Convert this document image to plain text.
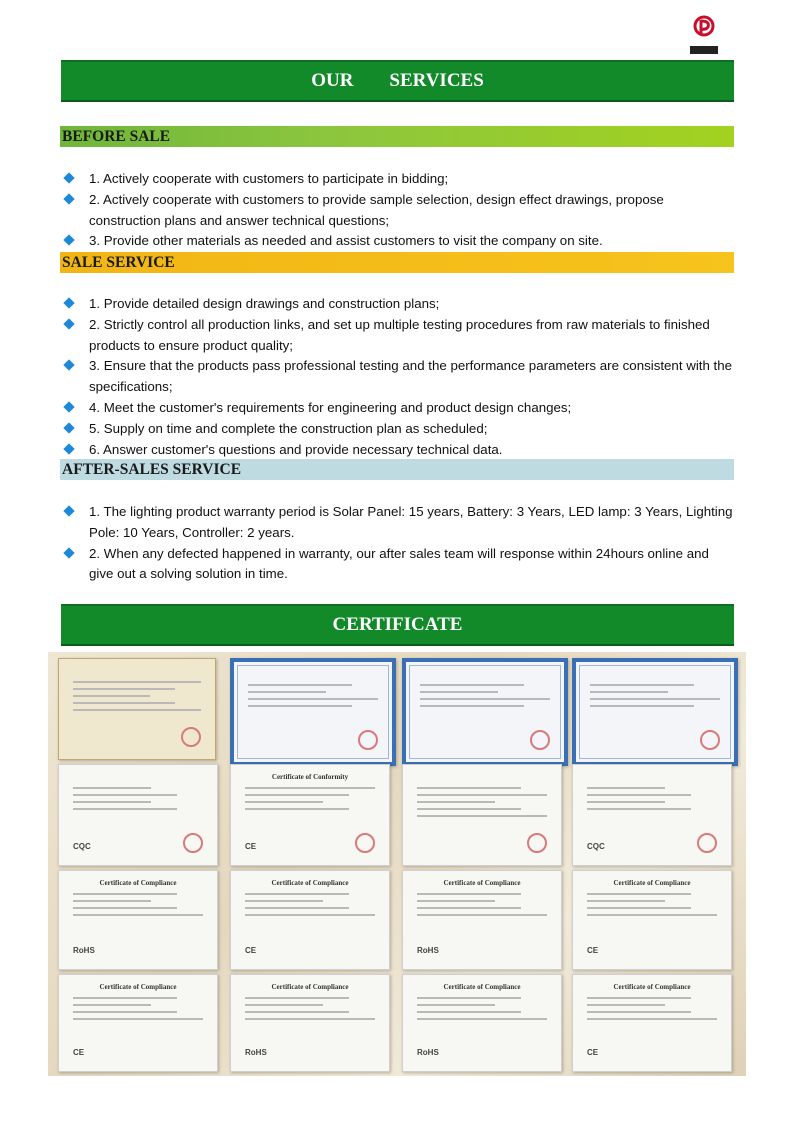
OUR SERVICES
BEFORE SALE
1. Actively cooperate with customers to participate in bidding;
2. Actively cooperate with customers to provide sample selection, design effect drawings, propose construction plans and answer technical questions;
3. Provide other materials as needed and assist customers to visit the company on site.
SALE SERVICE
1. Provide detailed design drawings and construction plans;
2. Strictly control all production links, and set up multiple testing procedures from raw materials to finished products to ensure product quality;
3. Ensure that the products pass professional testing and the performance parameters are consistent with the specifications;
4. Meet the customer's requirements for engineering and product design changes;
5. Supply on time and complete the construction plan as scheduled;
6. Answer customer's questions and provide necessary technical data.
AFTER-SALES SERVICE
1. The lighting product warranty period is Solar Panel: 15 years, Battery: 3 Years, LED lamp: 3 Years, Lighting Pole: 10 Years, Controller: 2 years.
2. When any defected happened in warranty, our after sales team will response within 24hours online and give out a solving solution in time.
CERTIFICATE
CQC
Certificate of Conformity
CE	CQC
Certificate of Compliance
RoHS
Certificate of Compliance
CE
Certificate of Compliance
RoHS
Certificate of Compliance
CE
Certificate of Compliance
CE
Certificate of Compliance
RoHS
Certificate of Compliance
RoHS
Certificate of Compliance
CE
